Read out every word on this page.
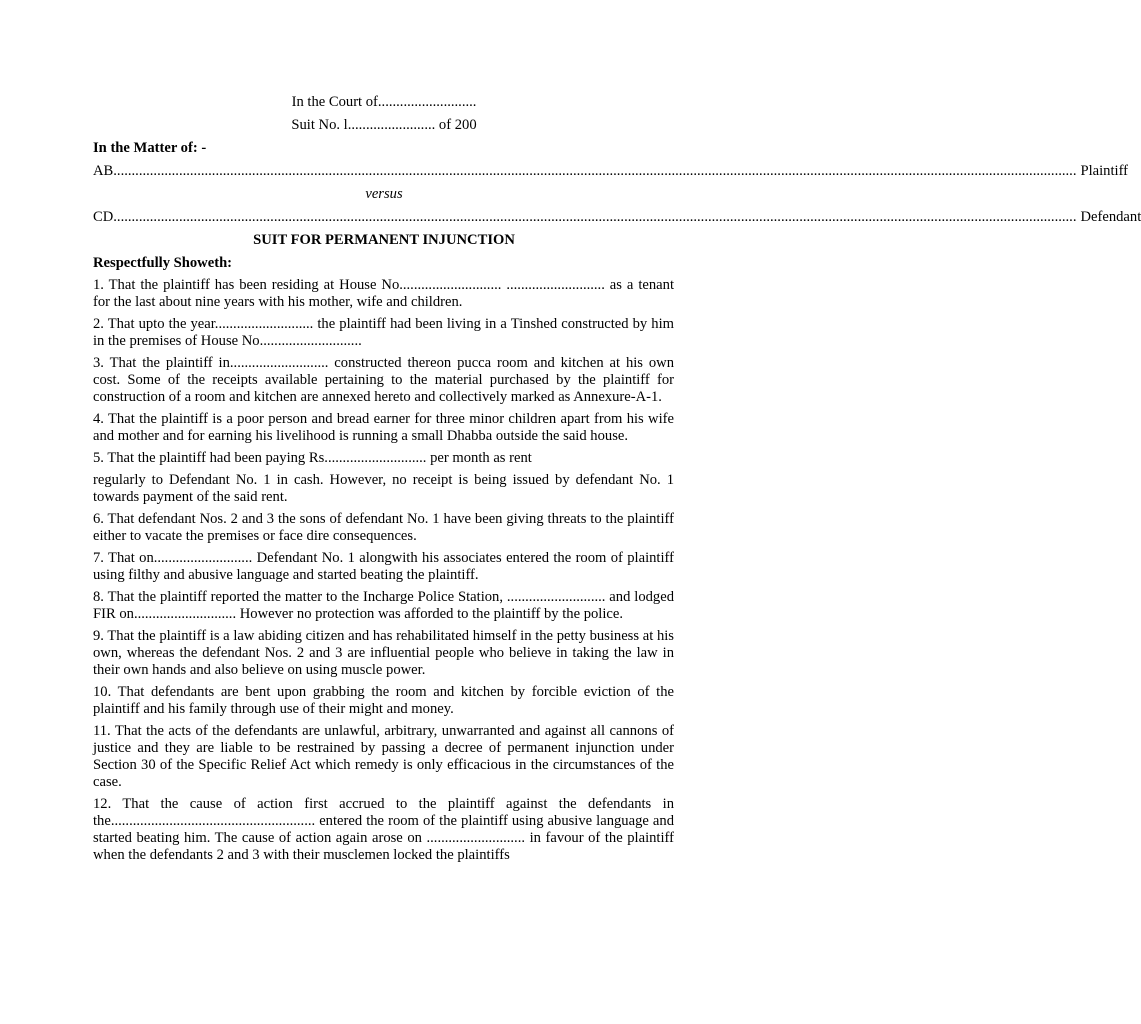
In the Court of...........................
Suit No. l........................ of 200
In the Matter of: -
AB ........................................................................................................................................................................................................................................................................ Plaintiff
versus
CD ........................................................................................................................................................................................................................................................................ Defendant
SUIT FOR PERMANENT INJUNCTION
Respectfully Showeth:

1. That the plaintiff has been residing at House No............................ ........................... as a tenant for the last about nine years with his mother, wife and children.

2. That upto the year........................... the plaintiff had been living in a Tinshed constructed by him in the premises of House No............................

3. That the plaintiff in........................... constructed thereon pucca room and kitchen at his own cost. Some of the receipts available pertaining to the material purchased by the plaintiff for construction of a room and kitchen are annexed hereto and collectively marked as Annexure-A-1.

4. That the plaintiff is a poor person and bread earner for three minor children apart from his wife and mother and for earning his livelihood is running a small Dhabba outside the said house.

5. That the plaintiff had been paying Rs............................ per month as rent

regularly to Defendant No. 1 in cash. However, no receipt is being issued by defendant No. 1 towards payment of the said rent.

6. That defendant Nos. 2 and 3 the sons of defendant No. 1 have been giving threats to the plaintiff either to vacate the premises or face dire consequences.

7. That on........................... Defendant No. 1 alongwith his associates entered the room of plaintiff using filthy and abusive language and started beating the plaintiff.

8. That the plaintiff reported the matter to the Incharge Police Station, ........................... and lodged FIR on............................ However no protection was afforded to the plaintiff by the police.

9. That the plaintiff is a law abiding citizen and has rehabilitated himself in the petty business at his own, whereas the defendant Nos. 2 and 3 are influential people who believe in taking the law in their own hands and also believe on using muscle power.

10. That defendants are bent upon grabbing the room and kitchen by forcible eviction of the plaintiff and his family through use of their might and money.

11. That the acts of the defendants are unlawful, arbitrary, unwarranted and against all cannons of justice and they are liable to be restrained by passing a decree of permanent injunction under Section 30 of the Specific Relief Act which remedy is only efficacious in the circumstances of the case.

12. That the cause of action first accrued to the plaintiff against the defendants in the........................................................ entered the room of the plaintiff using abusive language and started beating him. The cause of action again arose on ........................... in favour of the plaintiff when the defendants 2 and 3 with their musclemen locked the plaintiffs
